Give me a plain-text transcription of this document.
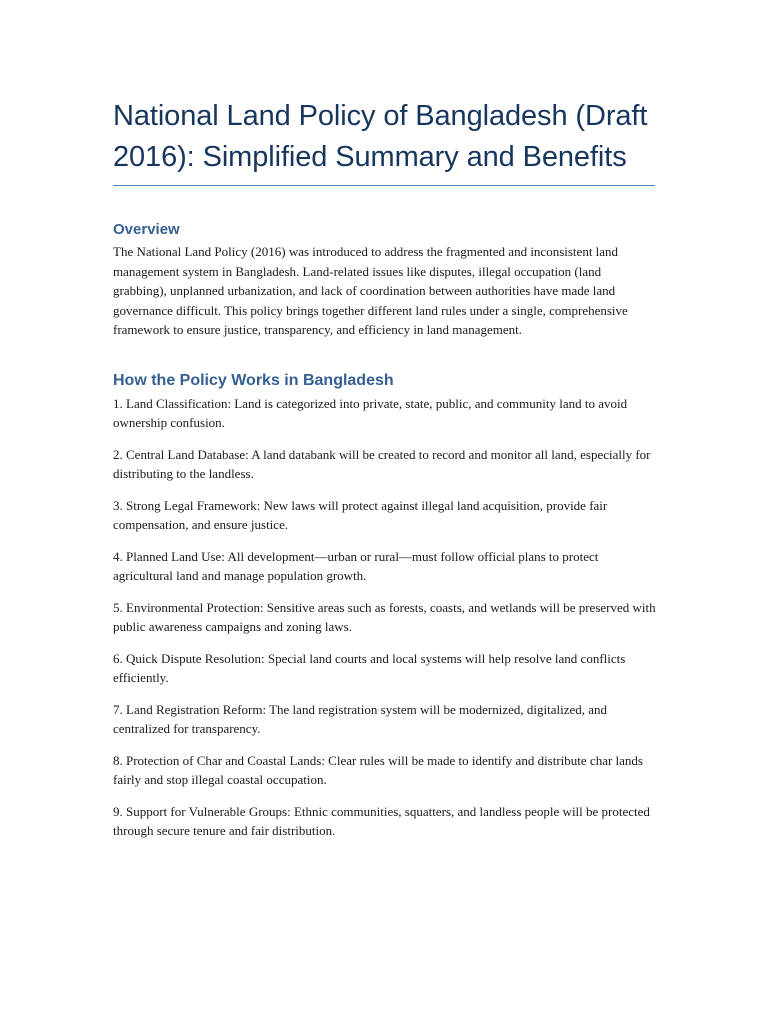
National Land Policy of Bangladesh (Draft 2016): Simplified Summary and Benefits
Overview

The National Land Policy (2016) was introduced to address the fragmented and inconsistent land management system in Bangladesh. Land-related issues like disputes, illegal occupation (land grabbing), unplanned urbanization, and lack of coordination between authorities have made land governance difficult. This policy brings together different land rules under a single, comprehensive framework to ensure justice, transparency, and efficiency in land management.

How the Policy Works in Bangladesh

1. Land Classification: Land is categorized into private, state, public, and community land to avoid ownership confusion.

2. Central Land Database: A land databank will be created to record and monitor all land, especially for distributing to the landless.

3. Strong Legal Framework: New laws will protect against illegal land acquisition, provide fair compensation, and ensure justice.

4. Planned Land Use: All development—urban or rural—must follow official plans to protect agricultural land and manage population growth.

5. Environmental Protection: Sensitive areas such as forests, coasts, and wetlands will be preserved with public awareness campaigns and zoning laws.

6. Quick Dispute Resolution: Special land courts and local systems will help resolve land conflicts efficiently.

7. Land Registration Reform: The land registration system will be modernized, digitalized, and centralized for transparency.

8. Protection of Char and Coastal Lands: Clear rules will be made to identify and distribute char lands fairly and stop illegal coastal occupation.

9. Support for Vulnerable Groups: Ethnic communities, squatters, and landless people will be protected through secure tenure and fair distribution.
